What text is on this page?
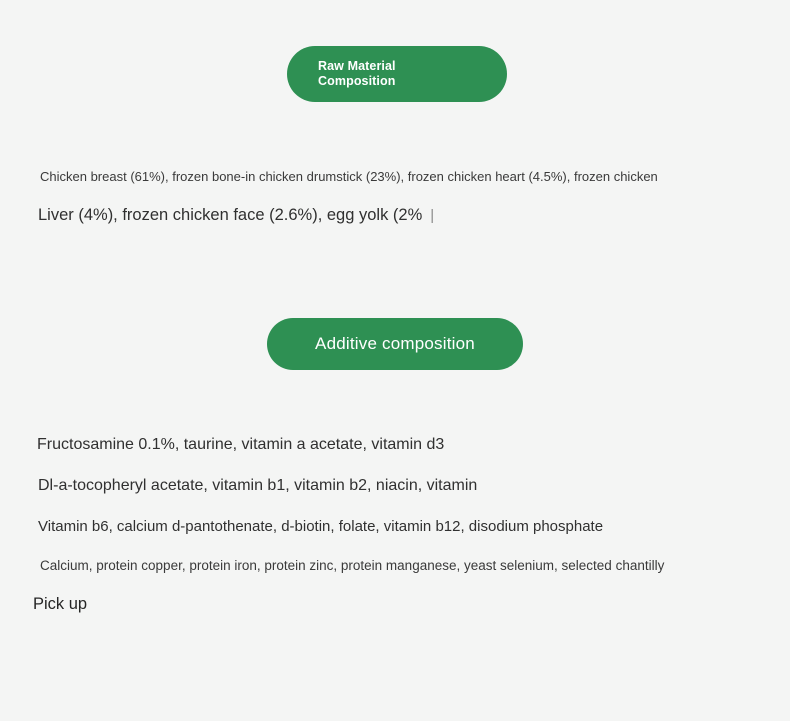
Raw Material
Composition
Chicken breast (61%), frozen bone-in chicken drumstick (23%), frozen chicken heart (4.5%), frozen chicken
Liver (4%), frozen chicken face (2.6%), egg yolk (2% |
Additive composition
Fructosamine 0.1%, taurine, vitamin a acetate, vitamin d3
Dl-a-tocopheryl acetate, vitamin b1, vitamin b2, niacin, vitamin
Vitamin b6, calcium d-pantothenate, d-biotin, folate, vitamin b12, disodium phosphate
Calcium, protein copper, protein iron, protein zinc, protein manganese, yeast selenium, selected chantilly
Pick up
